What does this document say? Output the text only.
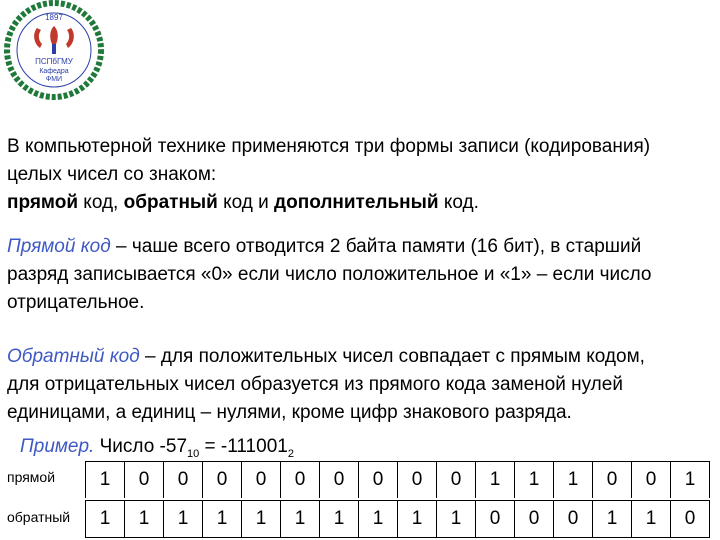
1897
ПСПбГМУ
Кафедра
ФМИ
В компьютерной технике применяются три формы записи (кодирования)
целых чисел со знаком:
прямой код, обратный код и дополнительный код.
Прямой код – чаше всего отводится 2 байта памяти (16 бит), в старший
разряд записывается «0» если число положительное и «1» – если число
отрицательное.
Обратный код – для положительных чисел совпадает с прямым кодом,
для отрицательных чисел образуется из прямого кода заменой нулей
единицами, а единиц – нулями, кроме цифр знакового разряда.
Пример. Число $-57_{10} = -111001_2$
прямой
обратный
1	0	0	0	0	0	0	0	0	0	1	1	1	0	0	1
1	1	1	1	1	1	1	1	1	1	0	0	0	1	1	0
